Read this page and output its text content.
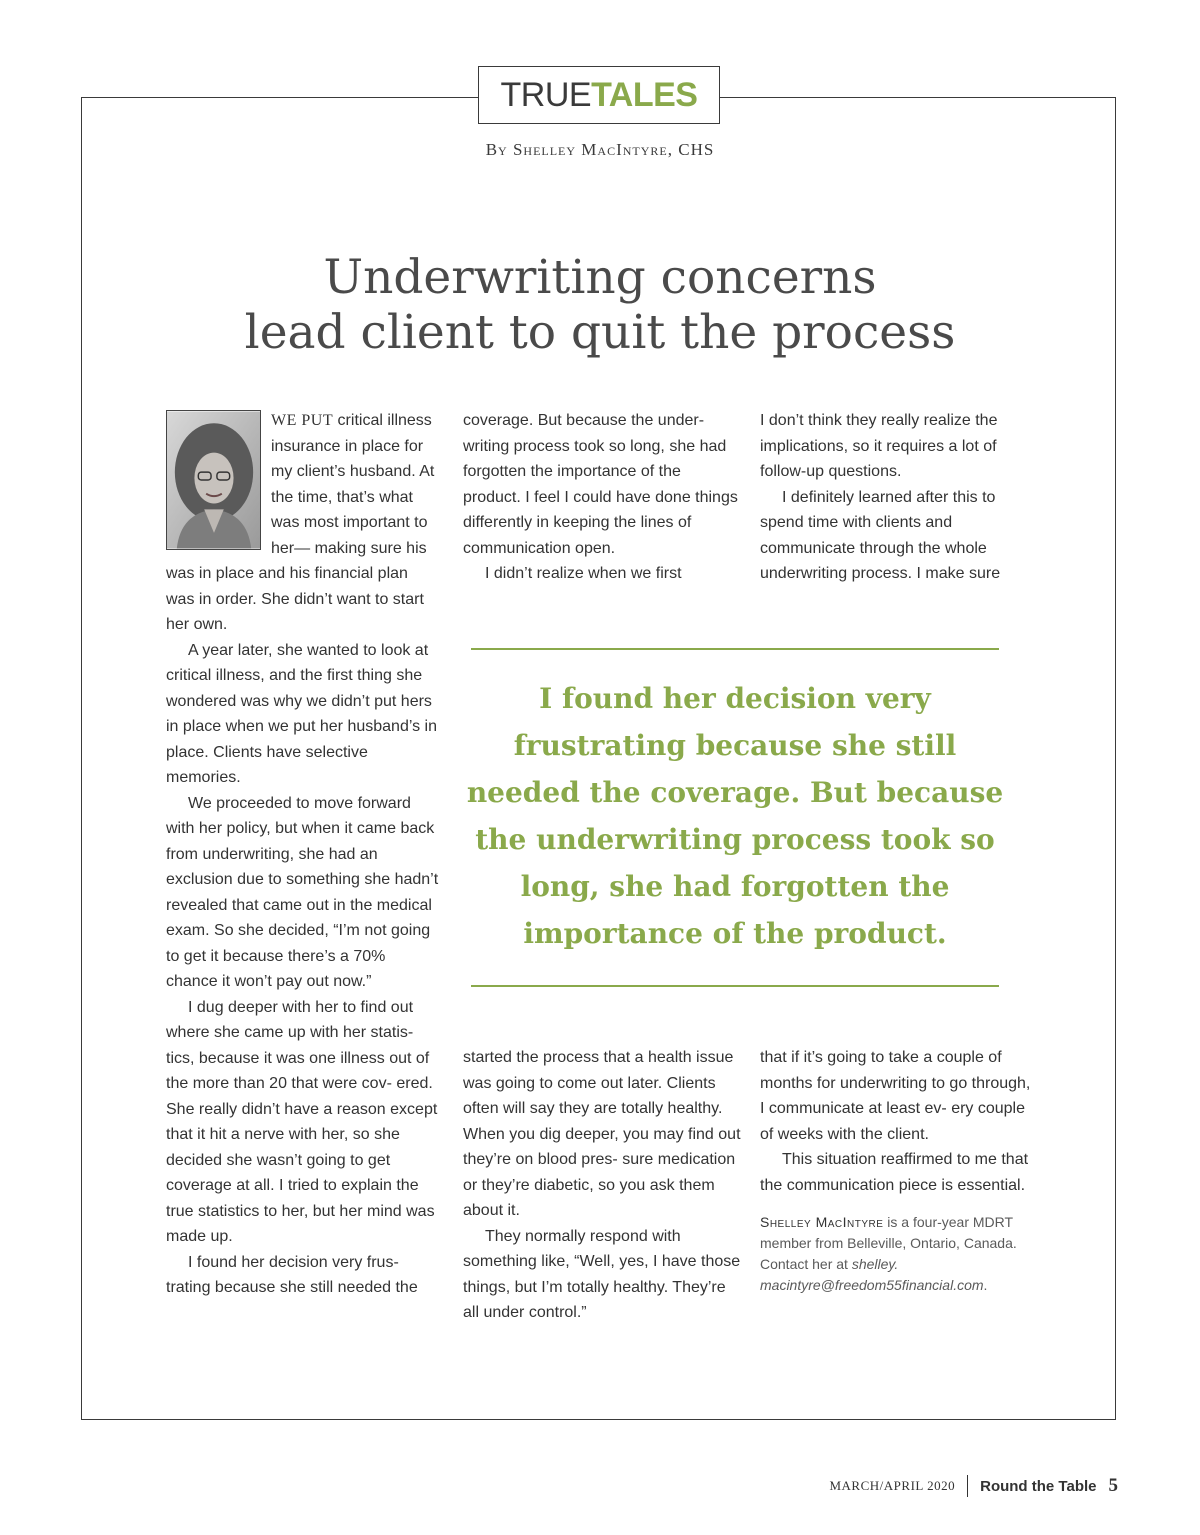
TRUE TALES
By Shelley MacIntyre, CHS
Underwriting concerns
lead client to quit the process

WE PUT critical illness insurance in place for my client’s husband. At the time, that’s what was most important to her— making sure his was in place and his financial plan was in order. She didn’t want to start her own.

A year later, she wanted to look at critical illness, and the first thing she wondered was why we didn’t put hers in place when we put her husband’s in place. Clients have selective memories.

We proceeded to move forward with her policy, but when it came back from underwriting, she had an exclusion due to something she hadn’t revealed that came out in the medical exam. So she decided, “I’m not going to get it because there’s a 70% chance it won’t pay out now.”

I dug deeper with her to find out where she came up with her statis- tics, because it was one illness out of the more than 20 that were cov- ered. She really didn’t have a reason except that it hit a nerve with her, so she decided she wasn’t going to get coverage at all. I tried to explain the true statistics to her, but her mind was made up.

I found her decision very frus- trating because she still needed the

coverage. But because the under- writing process took so long, she had forgotten the importance of the product. I feel I could have done things differently in keeping the lines of communication open.

I didn’t realize when we first

I don’t think they really realize the implications, so it requires a lot of follow-up questions.

I definitely learned after this to spend time with clients and communicate through the whole underwriting process. I make sure

I found her decision very frustrating because she still needed the coverage. But because the underwriting process took so long, she had forgotten the importance of the product.

started the process that a health issue was going to come out later. Clients often will say they are totally healthy. When you dig deeper, you may find out they’re on blood pres- sure medication or they’re diabetic, so you ask them about it.

They normally respond with something like, “Well, yes, I have those things, but I’m totally healthy. They’re all under control.”

that if it’s going to take a couple of months for underwriting to go through, I communicate at least ev- ery couple of weeks with the client.

This situation reaffirmed to me that the communication piece is essential.

Shelley MacIntyre is a four-year MDRT member from Belleville, Ontario, Canada. Contact her at shelley. macintyre@freedom55financial.com.

MARCH/APRIL 2020 Round the Table 5
